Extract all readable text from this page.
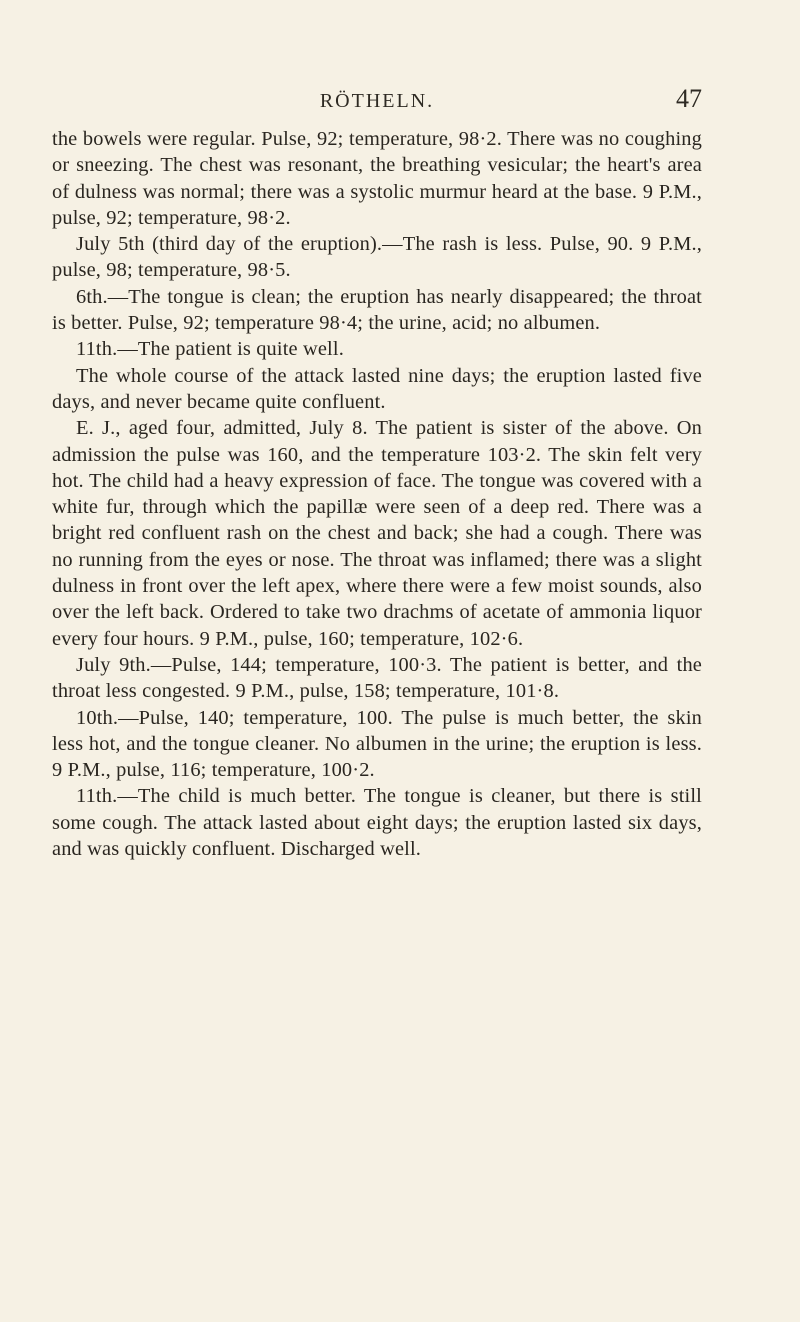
RÖTHELN.	47

the bowels were regular. Pulse, 92; temperature, 98·2. There was no coughing or sneezing. The chest was resonant, the breathing vesicular; the heart's area of dulness was normal; there was a systolic murmur heard at the base. 9 P.M., pulse, 92; temperature, 98·2.

July 5th (third day of the eruption).—The rash is less. Pulse, 90. 9 P.M., pulse, 98; temperature, 98·5.

6th.—The tongue is clean; the eruption has nearly disappeared; the throat is better. Pulse, 92; temperature 98·4; the urine, acid; no albumen.

11th.—The patient is quite well.

The whole course of the attack lasted nine days; the eruption lasted five days, and never became quite confluent.

E. J., aged four, admitted, July 8. The patient is sister of the above. On admission the pulse was 160, and the temperature 103·2. The skin felt very hot. The child had a heavy expression of face. The tongue was covered with a white fur, through which the papillæ were seen of a deep red. There was a bright red confluent rash on the chest and back; she had a cough. There was no running from the eyes or nose. The throat was inflamed; there was a slight dulness in front over the left apex, where there were a few moist sounds, also over the left back. Ordered to take two drachms of acetate of ammonia liquor every four hours. 9 P.M., pulse, 160; temperature, 102·6.

July 9th.—Pulse, 144; temperature, 100·3. The patient is better, and the throat less congested. 9 P.M., pulse, 158; temperature, 101·8.

10th.—Pulse, 140; temperature, 100. The pulse is much better, the skin less hot, and the tongue cleaner. No albumen in the urine; the eruption is less. 9 P.M., pulse, 116; temperature, 100·2.

11th.—The child is much better. The tongue is cleaner, but there is still some cough. The attack lasted about eight days; the eruption lasted six days, and was quickly confluent. Discharged well.
